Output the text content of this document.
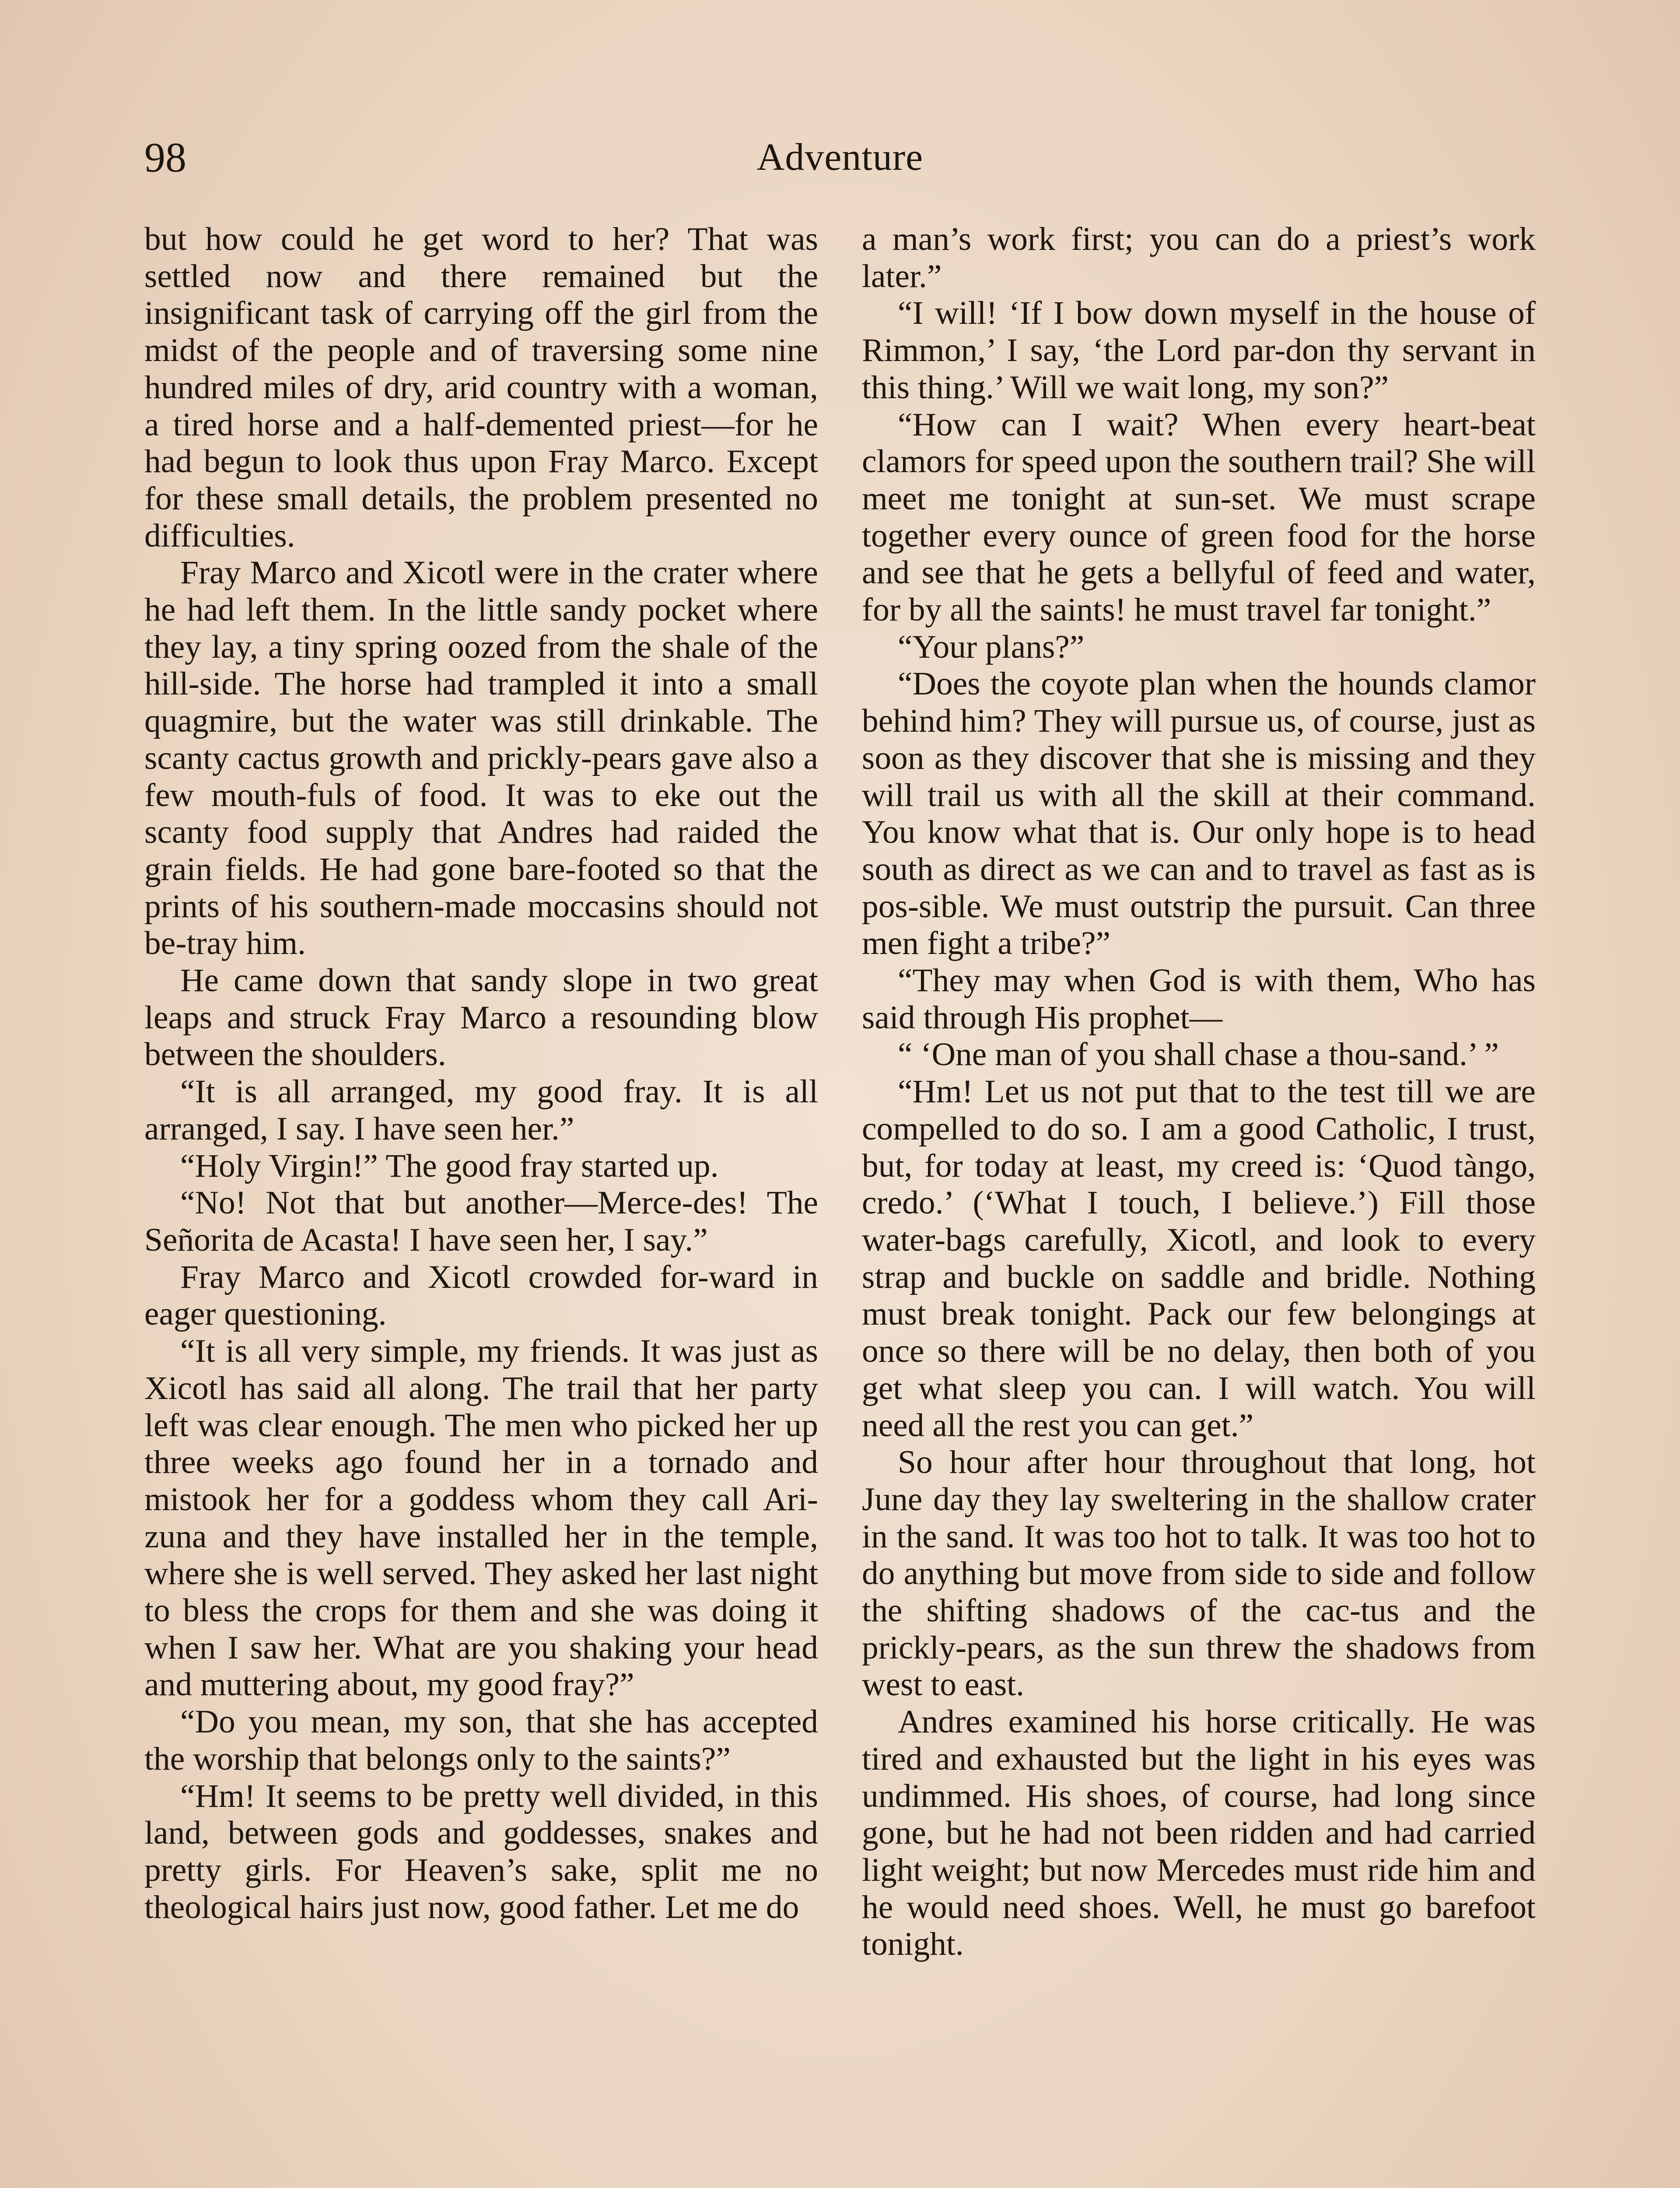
98	Adventure

but how could he get word to her? That was settled now and there remained but the insignificant task of carrying off the girl from the midst of the people and of traversing some nine hundred miles of dry, arid country with a woman, a tired horse and a half-demented priest—for he had begun to look thus upon Fray Marco. Except for these small details, the problem presented no difficulties.

Fray Marco and Xicotl were in the crater where he had left them. In the little sandy pocket where they lay, a tiny spring oozed from the shale of the hill-side. The horse had trampled it into a small quagmire, but the water was still drinkable. The scanty cactus growth and prickly-pears gave also a few mouth-fuls of food. It was to eke out the scanty food supply that Andres had raided the grain fields. He had gone bare-footed so that the prints of his southern-made moccasins should not be-tray him.

He came down that sandy slope in two great leaps and struck Fray Marco a resounding blow between the shoulders.

“It is all arranged, my good fray. It is all arranged, I say. I have seen her.”

“Holy Virgin!” The good fray started up.

“No! Not that but another—Merce-des! The Señorita de Acasta! I have seen her, I say.”

Fray Marco and Xicotl crowded for-ward in eager questioning.

“It is all very simple, my friends. It was just as Xicotl has said all along. The trail that her party left was clear enough. The men who picked her up three weeks ago found her in a tornado and mistook her for a goddess whom they call Ari-zuna and they have installed her in the temple, where she is well served. They asked her last night to bless the crops for them and she was doing it when I saw her. What are you shaking your head and muttering about, my good fray?”

“Do you mean, my son, that she has accepted the worship that belongs only to the saints?”

“Hm! It seems to be pretty well divided, in this land, between gods and goddesses, snakes and pretty girls. For Heaven’s sake, split me no theological hairs just now, good father. Let me do

a man’s work first; you can do a priest’s work later.”

“I will! ‘If I bow down myself in the house of Rimmon,’ I say, ‘the Lord par-don thy servant in this thing.’ Will we wait long, my son?”

“How can I wait? When every heart-beat clamors for speed upon the southern trail? She will meet me tonight at sun-set. We must scrape together every ounce of green food for the horse and see that he gets a bellyful of feed and water, for by all the saints! he must travel far tonight.”

“Your plans?”

“Does the coyote plan when the hounds clamor behind him? They will pursue us, of course, just as soon as they discover that she is missing and they will trail us with all the skill at their command. You know what that is. Our only hope is to head south as direct as we can and to travel as fast as is pos-sible. We must outstrip the pursuit. Can three men fight a tribe?”

“They may when God is with them, Who has said through His prophet—

“ ‘One man of you shall chase a thou-sand.’ ”

“Hm! Let us not put that to the test till we are compelled to do so. I am a good Catholic, I trust, but, for today at least, my creed is: ‘Quod tàngo, credo.’ (‘What I touch, I believe.’) Fill those water-bags carefully, Xicotl, and look to every strap and buckle on saddle and bridle. Nothing must break tonight. Pack our few belongings at once so there will be no delay, then both of you get what sleep you can. I will watch. You will need all the rest you can get.”

So hour after hour throughout that long, hot June day they lay sweltering in the shallow crater in the sand. It was too hot to talk. It was too hot to do anything but move from side to side and follow the shifting shadows of the cac-tus and the prickly-pears, as the sun threw the shadows from west to east.

Andres examined his horse critically. He was tired and exhausted but the light in his eyes was undimmed. His shoes, of course, had long since gone, but he had not been ridden and had carried light weight; but now Mercedes must ride him and he would need shoes. Well, he must go barefoot tonight.
